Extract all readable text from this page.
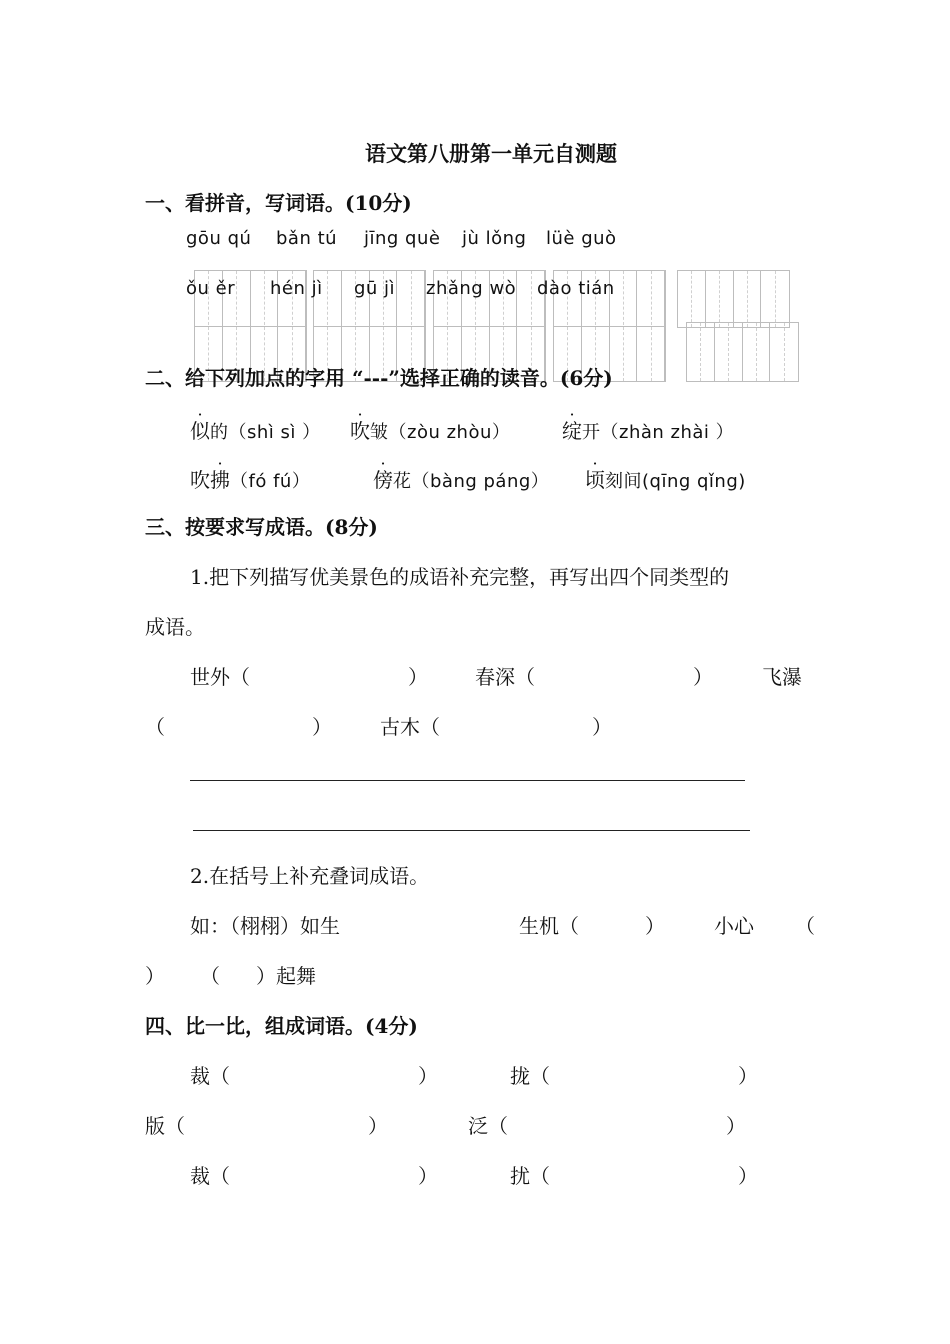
语文第八册第一单元自测题
一、看拼音，写词语。(10分)
gōu qú bǎn tú jīng què jù lǒng lüè guò
ǒu ěr hén jì gū jì zhǎng wò dào tián
二、给下列加点的字用 “---”选择正确的读音。(6分)
似的（shì sì ） 吹皱（zòu zhòu）	绽开（zhàn zhài ）
吹拂（fó fú）	傍花（bàng páng） 顷刻间(qīng qǐng)
三、按要求写成语。(8分)
1.把下列描写优美景色的成语补充完整，再写出四个同类型的
成语。
世外（	） 春深（	） 飞瀑
（	） 古木（	）
2.在括号上补充叠词成语。
如：（栩栩）如生	生机（	） 小心 （
） （ ）起舞
四、比一比，组成词语。(4分)
裁（	）	拢（	）
版（	）	泛（	）
裁（	）	扰（	）
